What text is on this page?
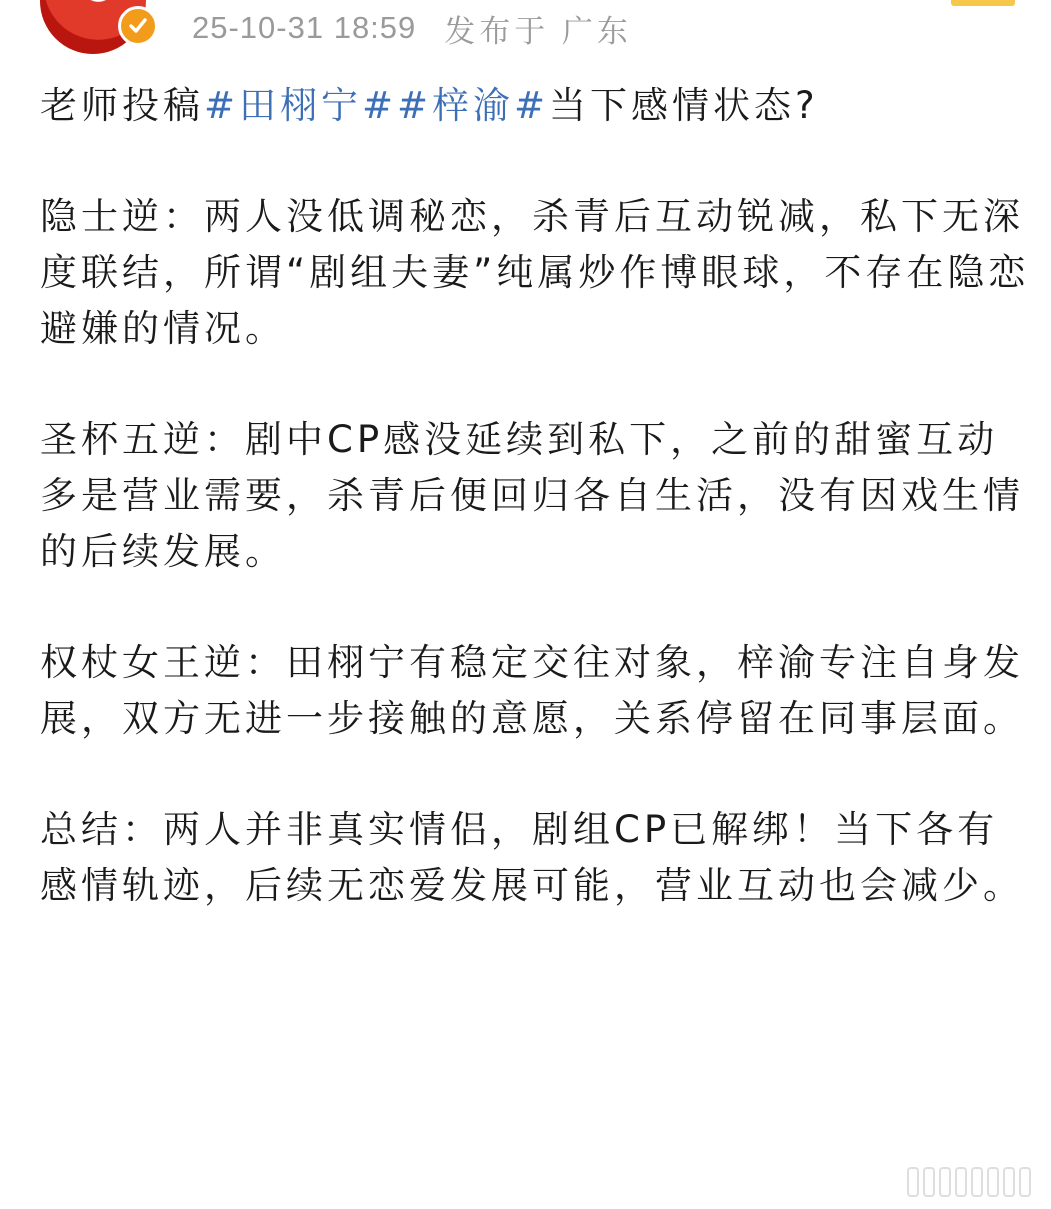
25-10-31 18:59 发布于 广东

老师投稿#田栩宁##梓渝#当下感情状态?

隐士逆：两人没低调秘恋，杀青后互动锐减，私下无深度联结，所谓“剧组夫妻”纯属炒作博眼球，不存在隐恋避嫌的情况。

圣杯五逆：剧中CP感没延续到私下，之前的甜蜜互动多是营业需要，杀青后便回归各自生活，没有因戏生情的后续发展。

权杖女王逆：田栩宁有稳定交往对象，梓渝专注自身发展，双方无进一步接触的意愿，关系停留在同事层面。

总结：两人并非真实情侣，剧组CP已解绑！当下各有感情轨迹，后续无恋爱发展可能，营业互动也会减少。
